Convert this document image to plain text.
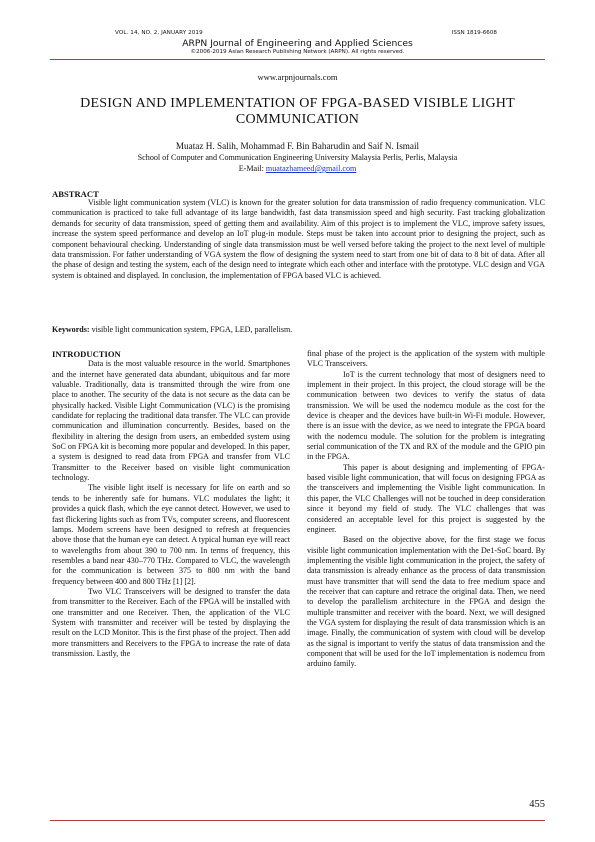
VOL. 14, NO. 2, JANUARY 2019	ISSN 1819-6608
ARPN Journal of Engineering and Applied Sciences
©2006-2019 Asian Research Publishing Network (ARPN). All rights reserved.
www.arpnjournals.com
DESIGN AND IMPLEMENTATION OF FPGA-BASED VISIBLE LIGHT COMMUNICATION
Muataz H. Salih, Mohammad F. Bin Baharudin and Saif N. Ismail
School of Computer and Communication Engineering University Malaysia Perlis, Perlis, Malaysia
E-Mail: muatazhameed@gmail.com
ABSTRACT

Visible light communication system (VLC) is known for the greater solution for data transmission of radio frequency communication. VLC communication is practiced to take full advantage of its large bandwidth, fast data transmission speed and high security. Fast tracking globalization demands for security of data transmission, speed of getting them and availability. Aim of this project is to implement the VLC, improve safety issues, increase the system speed performance and develop an IoT plug-in module. Steps must be taken into account prior to designing the project, such as component behavioural checking. Understanding of single data transmission must be well versed before taking the project to the next level of multiple data transmission. For father understanding of VGA system the flow of designing the system need to start from one bit of data to 8 bit of data. After all the phase of design and testing the system, each of the design need to integrate which each other and interface with the prototype. VLC design and VGA system is obtained and displayed. In conclusion, the implementation of FPGA based VLC is achieved.

Keywords: visible light communication system, FPGA, LED, parallelism.

INTRODUCTION

Data is the most valuable resource in the world. Smartphones and the internet have generated data abundant, ubiquitous and far more valuable. Traditionally, data is transmitted through the wire from one place to another. The security of the data is not secure as the data can be physically hacked. Visible Light Communication (VLC) is the promising candidate for replacing the traditional data transfer. The VLC can provide communication and illumination concurrently. Besides, based on the flexibility in altering the design from users, an embedded system using SoC on FPGA kit is becoming more popular and developed. In this paper, a system is designed to read data from FPGA and transfer from VLC Transmitter to the Receiver based on visible light communication technology.

The visible light itself is necessary for life on earth and so tends to be inherently safe for humans. VLC modulates the light; it provides a quick flash, which the eye cannot detect. However, we used to fast flickering lights such as from TVs, computer screens, and fluorescent lamps. Modern screens have been designed to refresh at frequencies above those that the human eye can detect. A typical human eye will react to wavelengths from about 390 to 700 nm. In terms of frequency, this resembles a band near 430–770 THz. Compared to VLC, the wavelength for the communication is between 375 to 800 nm with the band frequency between 400 and 800 THz [1] [2].

Two VLC Transceivers will be designed to transfer the data from transmitter to the Receiver. Each of the FPGA will be installed with one transmitter and one Receiver. Then, the application of the VLC System with transmitter and receiver will be tested by displaying the result on the LCD Monitor. This is the first phase of the project. Then add more transmitters and Receivers to the FPGA to increase the rate of data transmission. Lastly, the

final phase of the project is the application of the system with multiple VLC Transceivers.

IoT is the current technology that most of designers need to implement in their project. In this project, the cloud storage will be the communication between two devices to verify the status of data transmission. We will be used the nodemcu module as the cost for the device is cheaper and the devices have built-in Wi-Fi module. However, there is an issue with the device, as we need to integrate the FPGA board with the nodemcu module. The solution for the problem is integrating serial communication of the TX and RX of the module and the GPIO pin in the FPGA.

This paper is about designing and implementing of FPGA-based visible light communication, that will focus on designing FPGA as the transceivers and implementing the Visible light communication. In this paper, the VLC Challenges will not be touched in deep consideration since it beyond my field of study. The VLC challenges that was considered an acceptable level for this project is suggested by the engineer.

Based on the objective above, for the first stage we focus visible light communication implementation with the De1-SoC board. By implementing the visible light communication in the project, the safety of data transmission is already enhance as the process of data transmission must have transmitter that will send the data to free medium space and the receiver that can capture and retrace the original data. Then, we need to develop the parallelism architecture in the FPGA and design the multiple transmitter and receiver with the board. Next, we will designed the VGA system for displaying the result of data transmission which is an image. Finally, the communication of system with cloud will be develop as the signal is important to verify the status of data transmission and the component that will be used for the IoT implementation is nodemcu from arduino family.

455
